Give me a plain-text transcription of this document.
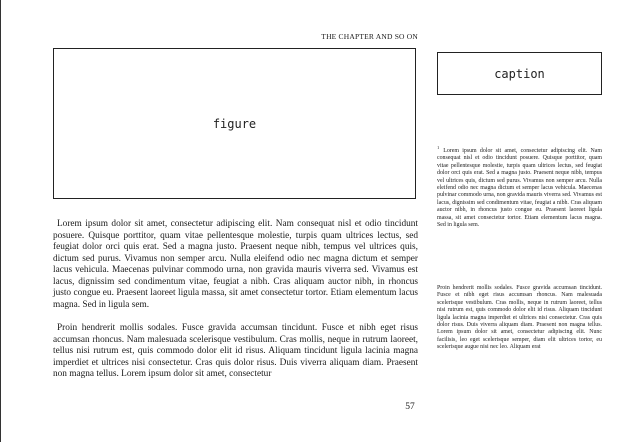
THE CHAPTER AND SO ON
figure
caption

Lorem ipsum dolor sit amet, consectetur adipiscing elit. Nam consequat nisl et odio tincidunt posuere. Quisque porttitor, quam vitae pellentesque molestie, turpis quam ultrices lectus, sed feugiat dolor orci quis erat. Sed a magna justo. Praesent neque nibh, tempus vel ultrices quis, dictum sed purus. Vivamus non semper arcu. Nulla eleifend odio nec magna dictum et semper lacus vehicula. Maecenas pulvinar commodo urna, non gravida mauris viverra sed. Vivamus est lacus, dignissim sed condimentum vitae, feugiat a nibh. Cras aliquam auctor nibh, in rhoncus justo congue eu. Praesent laoreet ligula massa, sit amet consectetur tortor. Etiam elementum lacus magna. Sed in ligula sem.

Proin hendrerit mollis sodales. Fusce gravida accumsan tincidunt. Fusce et nibh eget risus accumsan rhoncus. Nam malesuada scelerisque vestibulum. Cras mollis, neque in rutrum laoreet, tellus nisi rutrum est, quis commodo dolor elit id risus. Aliquam tincidunt ligula lacinia magna imperdiet et ultrices nisi consectetur. Cras quis dolor risus. Duis viverra aliquam diam. Praesent non magna tellus. Lorem ipsum dolor sit amet, consectetur

$^1$Lorem ipsum dolor sit amet, consectetur adipiscing elit. Nam consequat nisl et odio tincidunt posuere. Quisque porttitor, quam vitae pellentesque molestie, turpis quam ultrices lectus, sed feugiat dolor orci quis erat. Sed a magna justo. Praesent neque nibh, tempus vel ultrices quis, dictum sed purus. Vivamus non semper arcu. Nulla eleifend odio nec magna dictum et semper lacus vehicula. Maecenas pulvinar commodo urna, non gravida mauris viverra sed. Vivamus est lacus, dignissim sed condimentum vitae, feugiat a nibh. Cras aliquam auctor nibh, in rhoncus justo congue eu. Praesent laoreet ligula massa, sit amet consectetur tortor. Etiam elementum lacus magna. Sed in ligula sem.

Proin hendrerit mollis sodales. Fusce gravida accumsan tincidunt. Fusce et nibh eget risus accumsan rhoncus. Nam malesuada scelerisque vestibulum. Cras mollis, neque in rutrum laoreet, tellus nisi rutrum est, quis commodo dolor elit id risus. Aliquam tincidunt ligula lacinia magna imperdiet et ultrices nisi consectetur. Cras quis dolor risus. Duis viverra aliquam diam. Praesent non magna tellus. Lorem ipsum dolor sit amet, consectetur adipiscing elit. Nunc facilisis, leo eget scelerisque semper, diam elit ultrices tortor, eu scelerisque augue nisi nec leo. Aliquam erat

57
